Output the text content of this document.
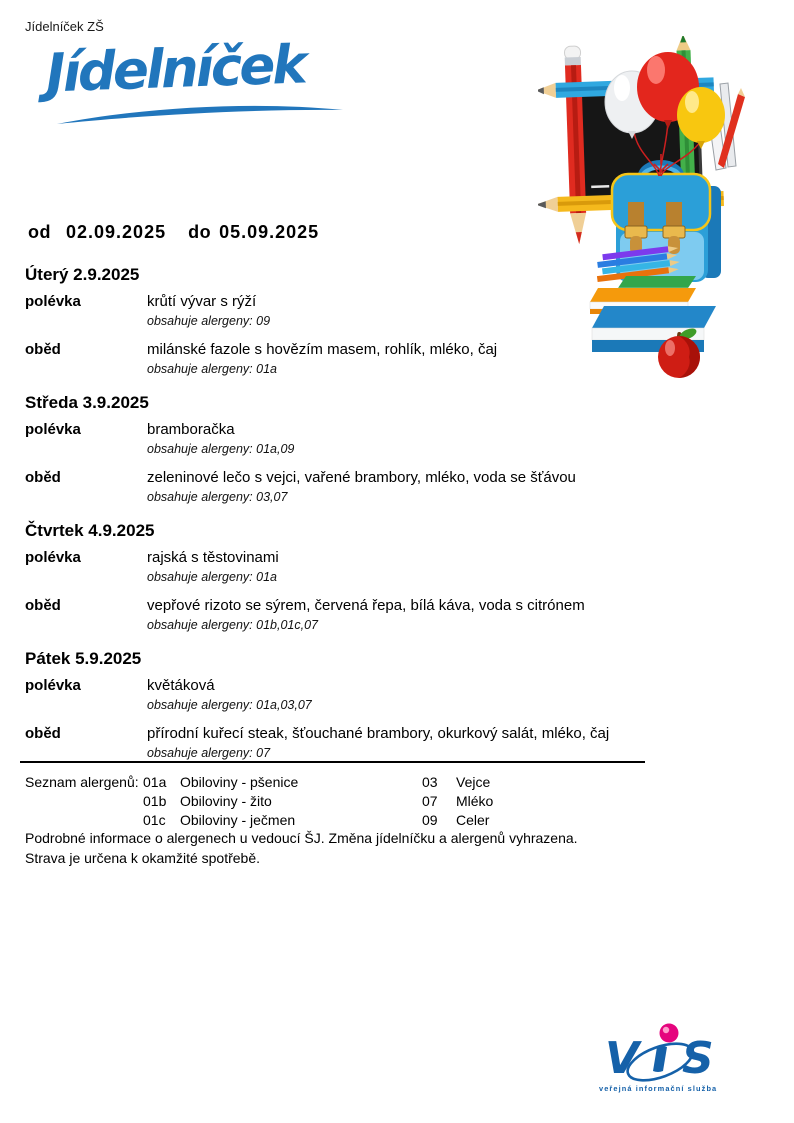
Jídelníček ZŠ
Jídelníček
od 02.09.2025 do 05.09.2025
Úterý 2.9.2025
polévka	krůtí vývar s rýží
obsahuje alergeny: 09
oběd	milánské fazole s hovězím masem, rohlík, mléko, čaj
obsahuje alergeny: 01a
Středa 3.9.2025
polévka	bramboračka
obsahuje alergeny: 01a,09
oběd	zeleninové lečo s vejci, vařené brambory, mléko, voda se šťávou
obsahuje alergeny: 03,07
Čtvrtek 4.9.2025
polévka	rajská s těstovinami
obsahuje alergeny: 01a
oběd	vepřové rizoto se sýrem, červená řepa, bílá káva, voda s citrónem
obsahuje alergeny: 01b,01c,07
Pátek 5.9.2025
polévka	květáková
obsahuje alergeny: 01a,03,07
oběd	přírodní kuřecí steak, šťouchané brambory, okurkový salát, mléko, čaj
obsahuje alergeny: 07
Seznam alergenů: 01a Obiloviny - pšenice	03	Vejce
01b Obiloviny - žito	07	Mléko
01c	Obiloviny - ječmen	09	Celer
Podrobné informace o alergenech u vedoucí ŠJ. Změna jídelníčku a alergenů vyhrazena.
Strava je určena k okamžité spotřebě.
V S
veřejná informační služba
